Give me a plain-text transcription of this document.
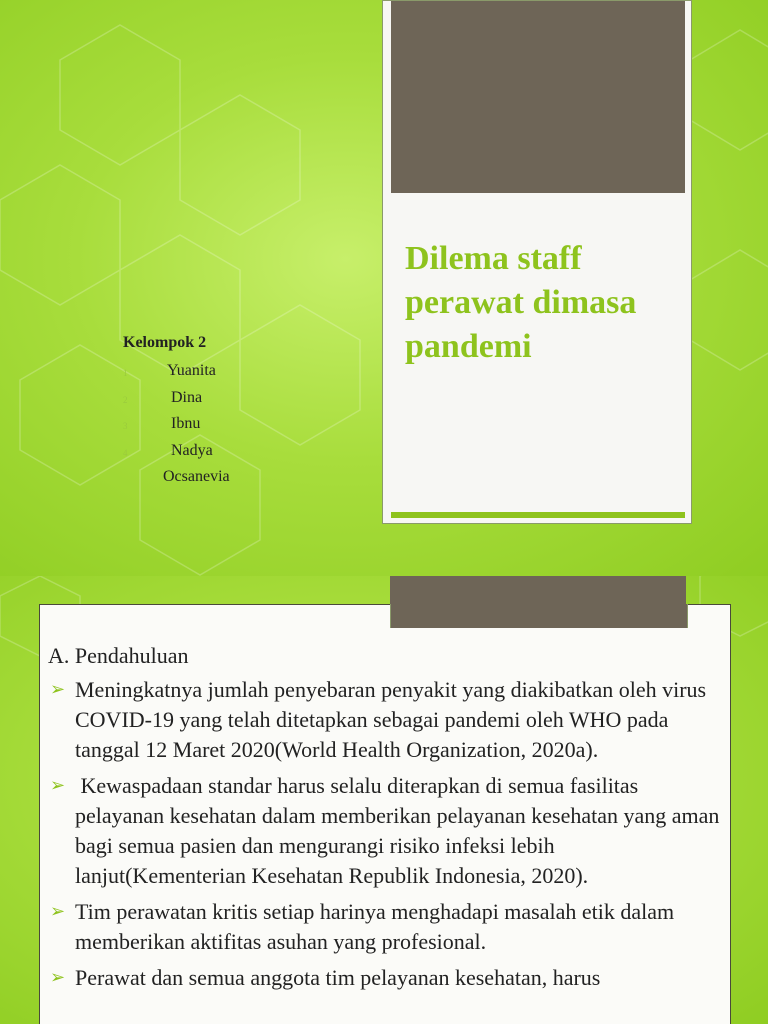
Dilema staff perawat dimasa pandemi
Kelompok 2
1 Yuanita
2	Dina
3	Ibnu
4	Nadya
Ocsanevia
A. Pendahuluan
➢ Meningkatnya jumlah penyebaran penyakit yang diakibatkan oleh virus COVID-19 yang telah ditetapkan sebagai pandemi oleh WHO pada tanggal 12 Maret 2020(World Health Organization, 2020a).
➢ Kewaspadaan standar harus selalu diterapkan di semua fasilitas pelayanan kesehatan dalam memberikan pelayanan kesehatan yang aman bagi semua pasien dan mengurangi risiko infeksi lebih lanjut(Kementerian Kesehatan Republik Indonesia, 2020).
➢ Tim perawatan kritis setiap harinya menghadapi masalah etik dalam memberikan aktifitas asuhan yang profesional.
➢ Perawat dan semua anggota tim pelayanan kesehatan, harus
